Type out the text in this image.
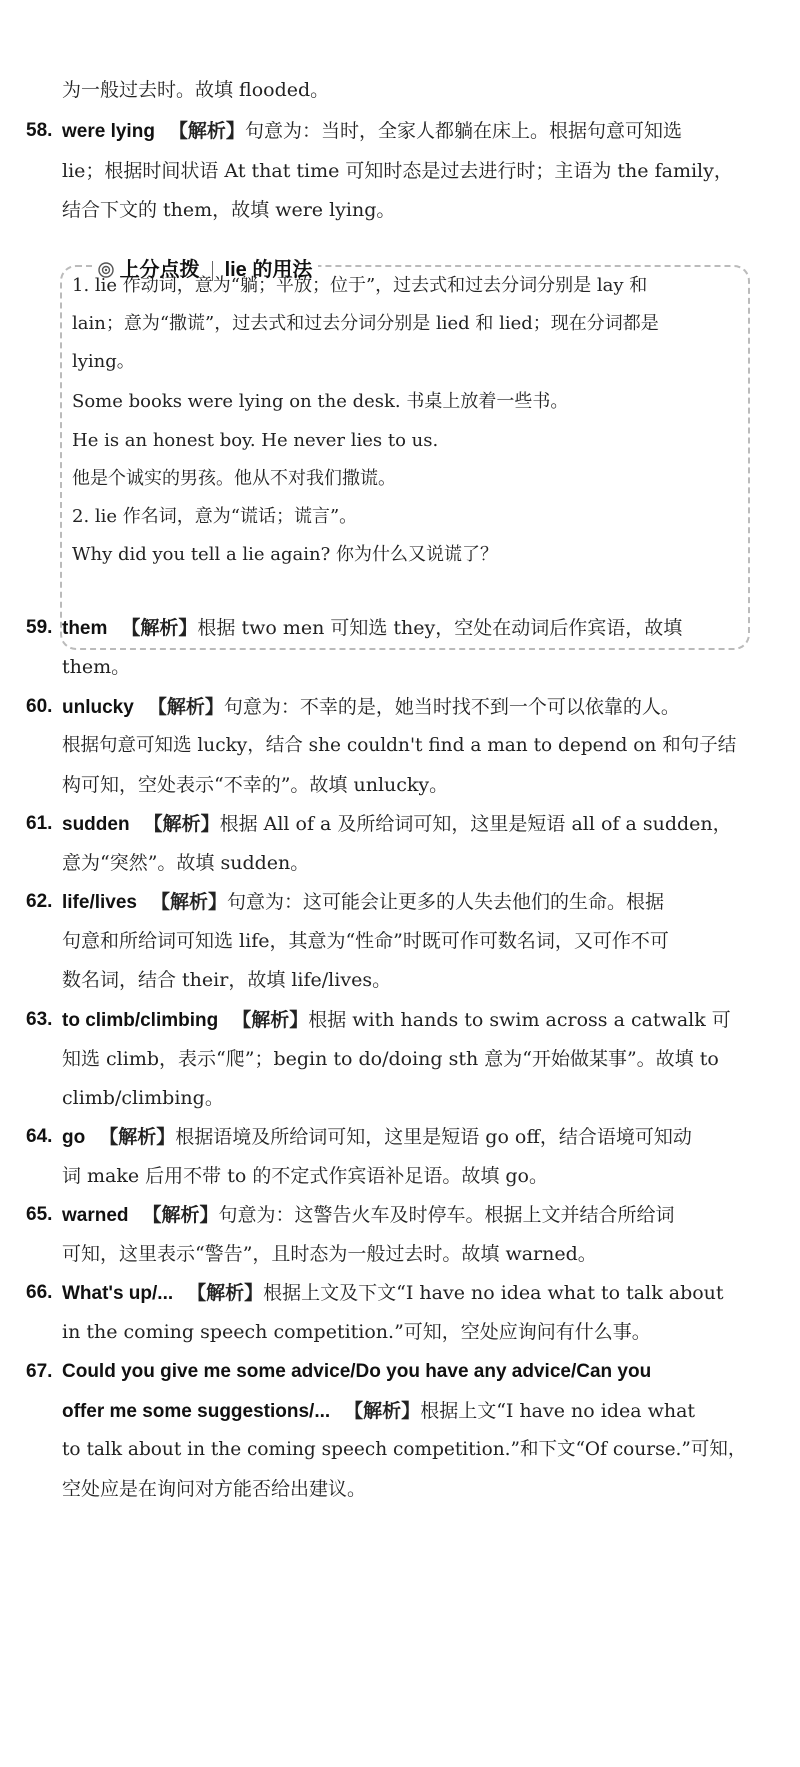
为一般过去时。故填 flooded。
58. were lying 【解析】句意为：当时，全家人都躺在床上。根据句意可知选
lie；根据时间状语 At that time 可知时态是过去进行时；主语为 the family，
结合下文的 them，故填 were lying。
上分点拨 lie 的用法
1. lie 作动词，意为“躺；平放；位于”，过去式和过去分词分别是 lay 和
lain；意为“撒谎”，过去式和过去分词分别是 lied 和 lied；现在分词都是
lying。
Some books were lying on the desk. 书桌上放着一些书。
He is an honest boy. He never lies to us.
他是个诚实的男孩。他从不对我们撒谎。
2. lie 作名词，意为“谎话；谎言”。
Why did you tell a lie again? 你为什么又说谎了？
59. them 【解析】根据 two men 可知选 they，空处在动词后作宾语，故填
them。
60. unlucky 【解析】句意为：不幸的是，她当时找不到一个可以依靠的人。
根据句意可知选 lucky，结合 she couldn't find a man to depend on 和句子结
构可知，空处表示“不幸的”。故填 unlucky。
61. sudden 【解析】根据 All of a 及所给词可知，这里是短语 all of a sudden，
意为“突然”。故填 sudden。
62. life/lives 【解析】句意为：这可能会让更多的人失去他们的生命。根据
句意和所给词可知选 life，其意为“性命”时既可作可数名词，又可作不可
数名词，结合 their，故填 life/lives。
63. to climb/climbing 【解析】根据 with hands to swim across a catwalk 可
知选 climb，表示“爬”；begin to do/doing sth 意为“开始做某事”。故填 to
climb/climbing。
64. go 【解析】根据语境及所给词可知，这里是短语 go off，结合语境可知动
词 make 后用不带 to 的不定式作宾语补足语。故填 go。
65. warned 【解析】句意为：这警告火车及时停车。根据上文并结合所给词
可知，这里表示“警告”，且时态为一般过去时。故填 warned。
66. What's up/... 【解析】根据上文及下文“I have no idea what to talk about
in the coming speech competition.”可知，空处应询问有什么事。
67. Could you give me some advice/Do you have any advice/Can you
offer me some suggestions/... 【解析】根据上文“I have no idea what
to talk about in the coming speech competition.”和下文“Of course.”可知，
空处应是在询问对方能否给出建议。
